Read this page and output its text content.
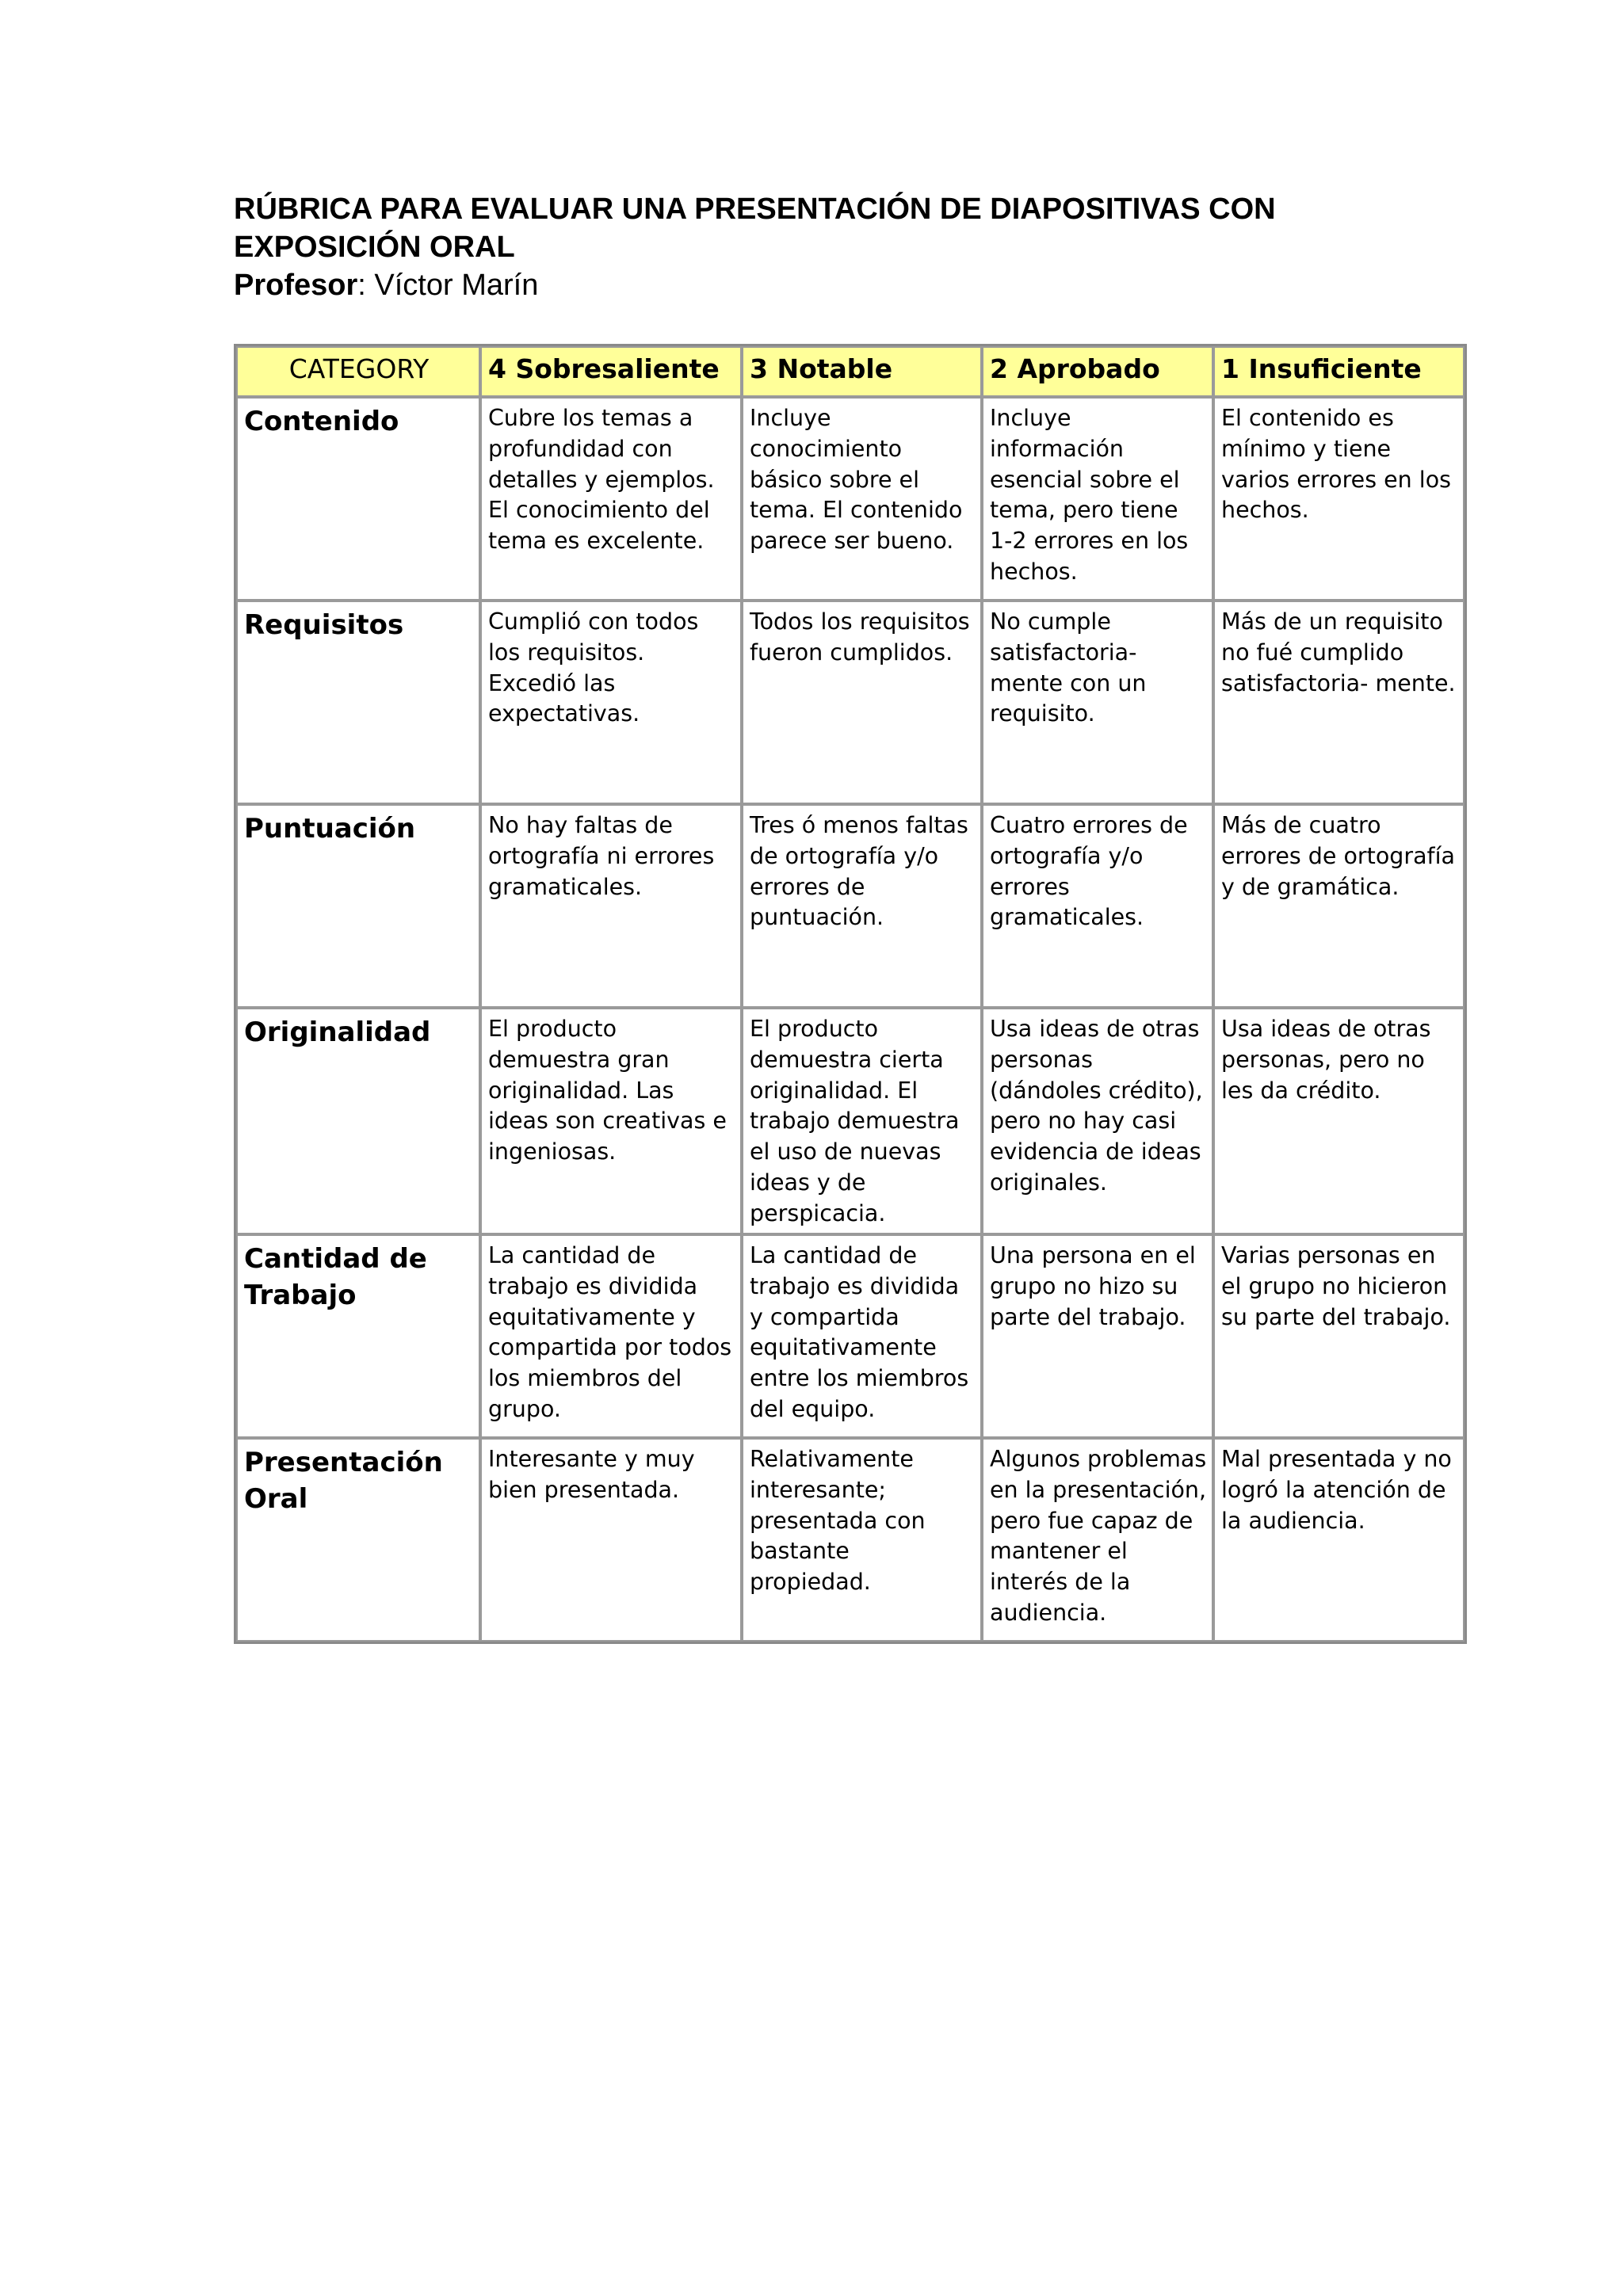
RÚBRICA PARA EVALUAR UNA PRESENTACIÓN DE DIAPOSITIVAS CON EXPOSICIÓN ORAL

Profesor: Víctor Marín

CATEGORY	4 Sobresaliente	3 Notable	2 Aprobado	1 Insuficiente
Contenido	Cubre los temas a profundidad con detalles y ejemplos. El conocimiento del tema es excelente.	Incluye conocimiento básico sobre el tema. El contenido parece ser bueno.	Incluye información esencial sobre el tema, pero tiene 1-2 errores en los hechos.	El contenido es mínimo y tiene varios errores en los hechos.
Requisitos	Cumplió con todos los requisitos. Excedió las expectativas.	Todos los requisitos fueron cumplidos.	No cumple satisfactoria- mente con un requisito.	Más de un requisito no fué cumplido satisfactoria- mente.
Puntuación	No hay faltas de ortografía ni errores gramaticales.	Tres ó menos faltas de ortografía y/o errores de puntuación.	Cuatro errores de ortografía y/o errores gramaticales.	Más de cuatro errores de ortografía y de gramática.
Originalidad	El producto demuestra gran originalidad. Las ideas son creativas e ingeniosas.	El producto demuestra cierta originalidad. El trabajo demuestra el uso de nuevas ideas y de perspicacia.	Usa ideas de otras personas (dándoles crédito), pero no hay casi evidencia de ideas originales.	Usa ideas de otras personas, pero no les da crédito.
Cantidad de Trabajo	La cantidad de trabajo es dividida equitativamente y compartida por todos los miembros del grupo.	La cantidad de trabajo es dividida y compartida equitativamente entre los miembros del equipo.	Una persona en el grupo no hizo su parte del trabajo.	Varias personas en el grupo no hicieron su parte del trabajo.
Presentación Oral	Interesante y muy bien presentada.	Relativamente interesante; presentada con bastante propiedad.	Algunos problemas en la presentación, pero fue capaz de mantener el interés de la audiencia.	Mal presentada y no logró la atención de la audiencia.
